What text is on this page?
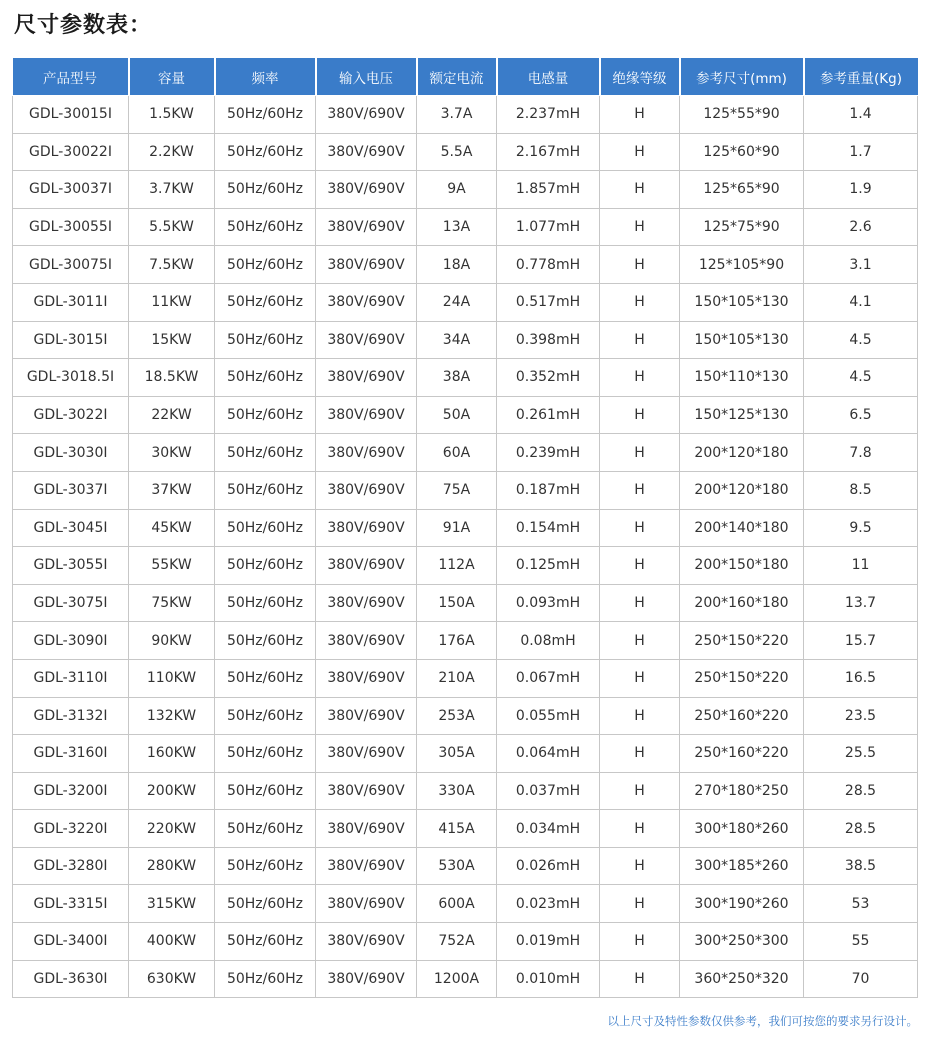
尺寸参数表：
产品型号	容量	频率	输入电压	额定电流	电感量	绝缘等级	参考尺寸(mm)	参考重量(Kg)
GDL-30015I	1.5KW	50Hz/60Hz	380V/690V	3.7A	2.237mH	H	125*55*90	1.4
GDL-30022I	2.2KW	50Hz/60Hz	380V/690V	5.5A	2.167mH	H	125*60*90	1.7
GDL-30037I	3.7KW	50Hz/60Hz	380V/690V	9A	1.857mH	H	125*65*90	1.9
GDL-30055I	5.5KW	50Hz/60Hz	380V/690V	13A	1.077mH	H	125*75*90	2.6
GDL-30075I	7.5KW	50Hz/60Hz	380V/690V	18A	0.778mH	H	125*105*90	3.1
GDL-3011I	11KW	50Hz/60Hz	380V/690V	24A	0.517mH	H	150*105*130	4.1
GDL-3015I	15KW	50Hz/60Hz	380V/690V	34A	0.398mH	H	150*105*130	4.5
GDL-3018.5I	18.5KW	50Hz/60Hz	380V/690V	38A	0.352mH	H	150*110*130	4.5
GDL-3022I	22KW	50Hz/60Hz	380V/690V	50A	0.261mH	H	150*125*130	6.5
GDL-3030I	30KW	50Hz/60Hz	380V/690V	60A	0.239mH	H	200*120*180	7.8
GDL-3037I	37KW	50Hz/60Hz	380V/690V	75A	0.187mH	H	200*120*180	8.5
GDL-3045I	45KW	50Hz/60Hz	380V/690V	91A	0.154mH	H	200*140*180	9.5
GDL-3055I	55KW	50Hz/60Hz	380V/690V	112A	0.125mH	H	200*150*180	11
GDL-3075I	75KW	50Hz/60Hz	380V/690V	150A	0.093mH	H	200*160*180	13.7
GDL-3090I	90KW	50Hz/60Hz	380V/690V	176A	0.08mH	H	250*150*220	15.7
GDL-3110I	110KW	50Hz/60Hz	380V/690V	210A	0.067mH	H	250*150*220	16.5
GDL-3132I	132KW	50Hz/60Hz	380V/690V	253A	0.055mH	H	250*160*220	23.5
GDL-3160I	160KW	50Hz/60Hz	380V/690V	305A	0.064mH	H	250*160*220	25.5
GDL-3200I	200KW	50Hz/60Hz	380V/690V	330A	0.037mH	H	270*180*250	28.5
GDL-3220I	220KW	50Hz/60Hz	380V/690V	415A	0.034mH	H	300*180*260	28.5
GDL-3280I	280KW	50Hz/60Hz	380V/690V	530A	0.026mH	H	300*185*260	38.5
GDL-3315I	315KW	50Hz/60Hz	380V/690V	600A	0.023mH	H	300*190*260	53
GDL-3400I	400KW	50Hz/60Hz	380V/690V	752A	0.019mH	H	300*250*300	55
GDL-3630I	630KW	50Hz/60Hz	380V/690V	1200A	0.010mH	H	360*250*320	70
以上尺寸及特性参数仅供参考，我们可按您的要求另行设计。
